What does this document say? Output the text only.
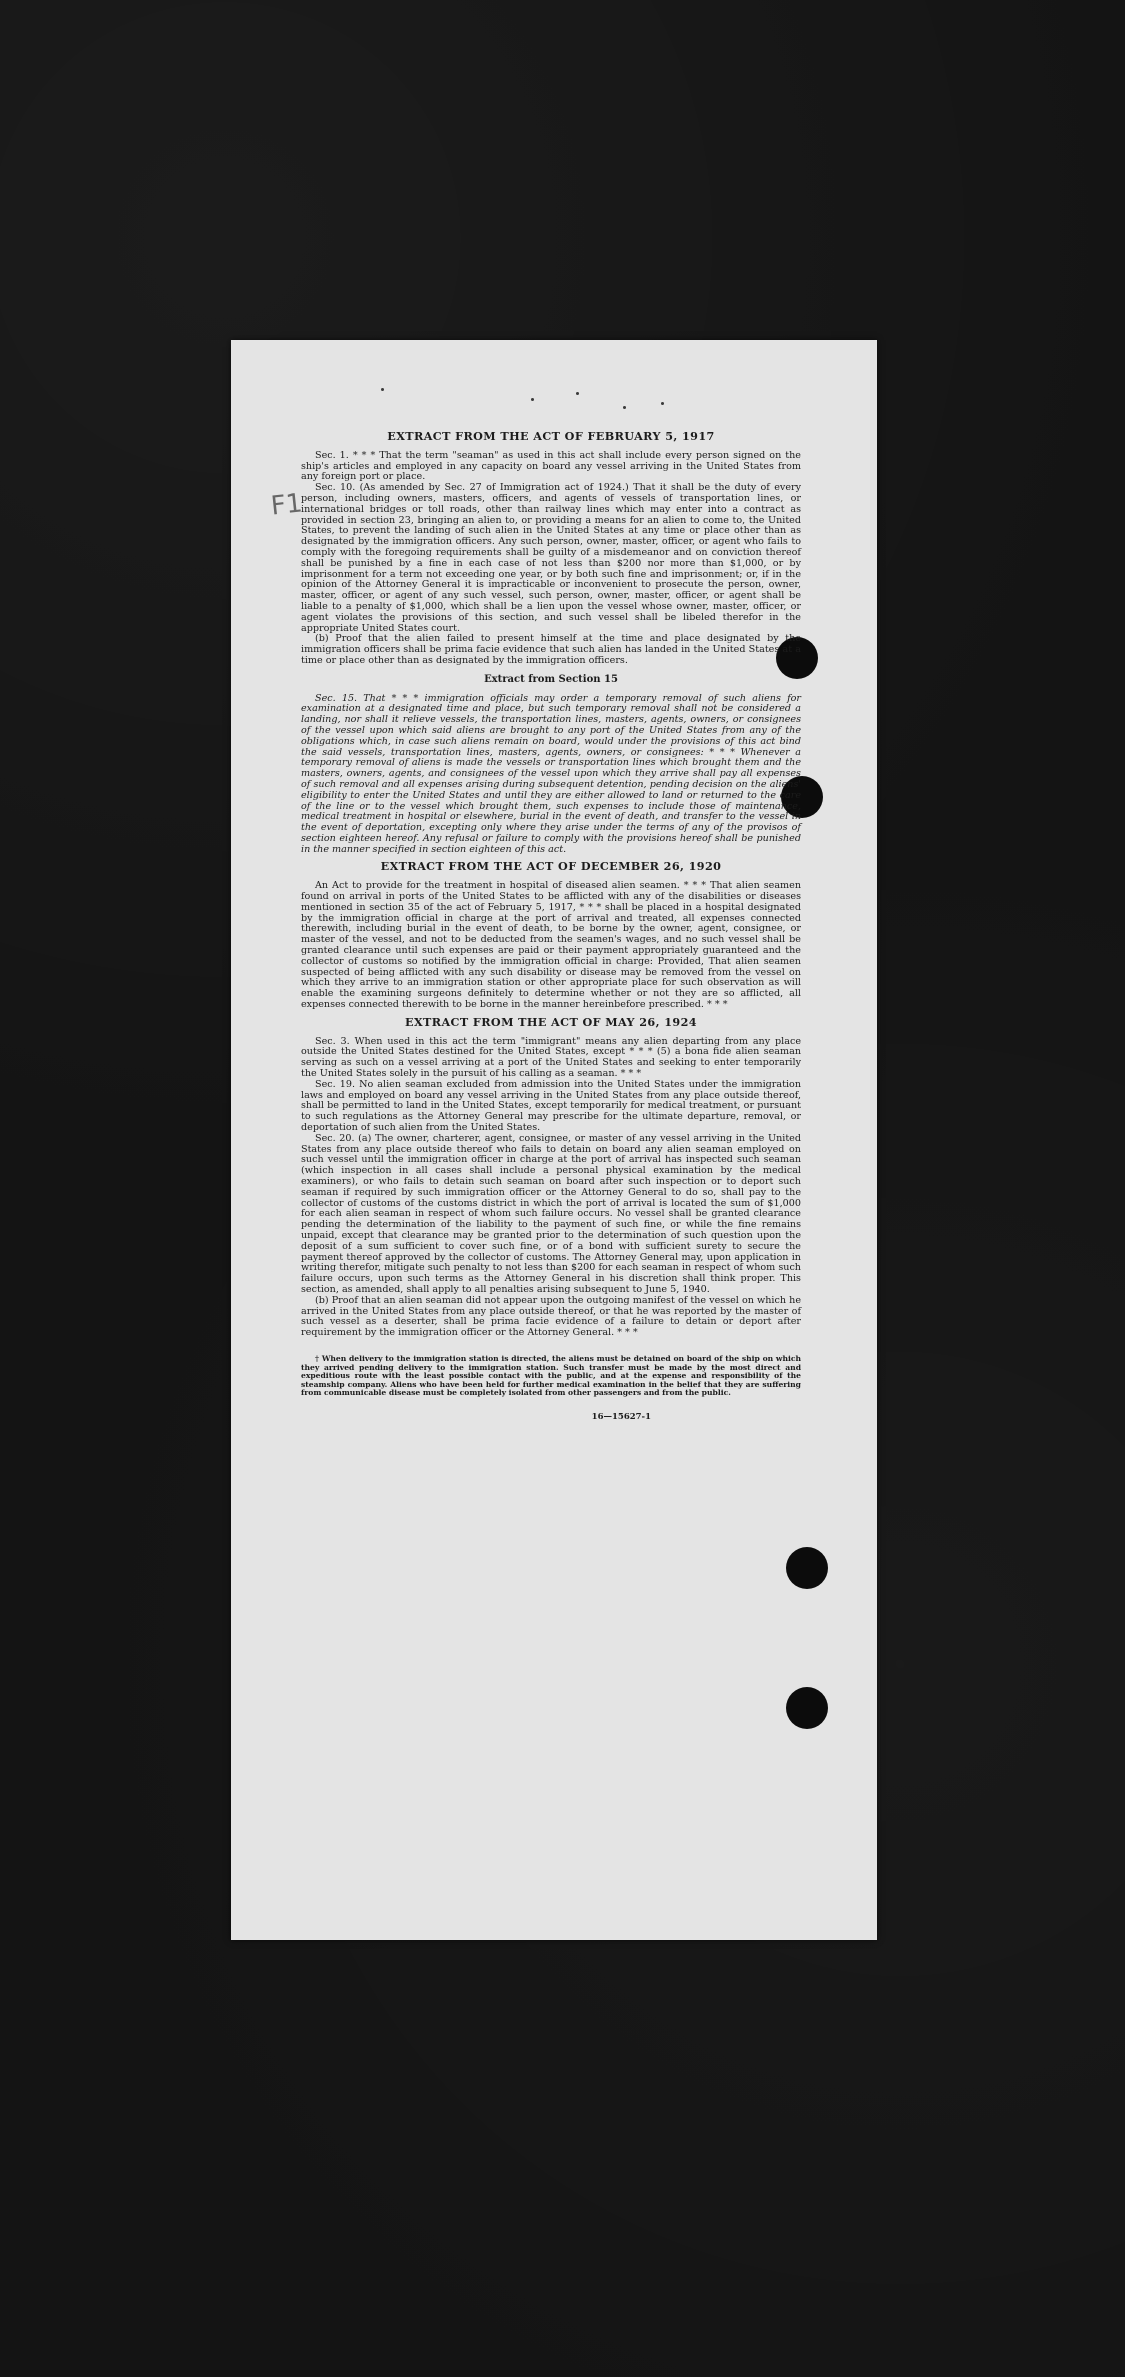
F1
EXTRACT FROM THE ACT OF FEBRUARY 5, 1917

Sec. 1. * * * That the term "seaman" as used in this act shall include every person signed on the ship's articles and employed in any capacity on board any vessel arriving in the United States from any foreign port or place.

Sec. 10. (As amended by Sec. 27 of Immigration act of 1924.) That it shall be the duty of every person, including owners, masters, officers, and agents of vessels of transportation lines, or international bridges or toll roads, other than railway lines which may enter into a contract as provided in section 23, bringing an alien to, or providing a means for an alien to come to, the United States, to prevent the landing of such alien in the United States at any time or place other than as designated by the immigration officers. Any such person, owner, master, officer, or agent who fails to comply with the foregoing requirements shall be guilty of a misdemeanor and on conviction thereof shall be punished by a fine in each case of not less than $200 nor more than $1,000, or by imprisonment for a term not exceeding one year, or by both such fine and imprisonment; or, if in the opinion of the Attorney General it is impracticable or inconvenient to prosecute the person, owner, master, officer, or agent of any such vessel, such person, owner, master, officer, or agent shall be liable to a penalty of $1,000, which shall be a lien upon the vessel whose owner, master, officer, or agent violates the provisions of this section, and such vessel shall be libeled therefor in the appropriate United States court.

(b) Proof that the alien failed to present himself at the time and place designated by the immigration officers shall be prima facie evidence that such alien has landed in the United States at a time or place other than as designated by the immigration officers.

Extract from Section 15

Sec. 15. That * * * immigration officials may order a temporary removal of such aliens for examination at a designated time and place, but such temporary removal shall not be considered a landing, nor shall it relieve vessels, the transportation lines, masters, agents, owners, or consignees of the vessel upon which said aliens are brought to any port of the United States from any of the obligations which, in case such aliens remain on board, would under the provisions of this act bind the said vessels, transportation lines, masters, agents, owners, or consignees: * * * Whenever a temporary removal of aliens is made the vessels or transportation lines which brought them and the masters, owners, agents, and consignees of the vessel upon which they arrive shall pay all expenses of such removal and all expenses arising during subsequent detention, pending decision on the aliens' eligibility to enter the United States and until they are either allowed to land or returned to the care of the line or to the vessel which brought them, such expenses to include those of maintenance, medical treatment in hospital or elsewhere, burial in the event of death, and transfer to the vessel in the event of deportation, excepting only where they arise under the terms of any of the provisos of section eighteen hereof. Any refusal or failure to comply with the provisions hereof shall be punished in the manner specified in section eighteen of this act.

EXTRACT FROM THE ACT OF DECEMBER 26, 1920

An Act to provide for the treatment in hospital of diseased alien seamen. * * * That alien seamen found on arrival in ports of the United States to be afflicted with any of the disabilities or diseases mentioned in section 35 of the act of February 5, 1917, * * * shall be placed in a hospital designated by the immigration official in charge at the port of arrival and treated, all expenses connected therewith, including burial in the event of death, to be borne by the owner, agent, consignee, or master of the vessel, and not to be deducted from the seamen's wages, and no such vessel shall be granted clearance until such expenses are paid or their payment appropriately guaranteed and the collector of customs so notified by the immigration official in charge: Provided, That alien seamen suspected of being afflicted with any such disability or disease may be removed from the vessel on which they arrive to an immigration station or other appropriate place for such observation as will enable the examining surgeons definitely to determine whether or not they are so afflicted, all expenses connected therewith to be borne in the manner hereinbefore prescribed. * * *

EXTRACT FROM THE ACT OF MAY 26, 1924

Sec. 3. When used in this act the term "immigrant" means any alien departing from any place outside the United States destined for the United States, except * * * (5) a bona fide alien seaman serving as such on a vessel arriving at a port of the United States and seeking to enter temporarily the United States solely in the pursuit of his calling as a seaman. * * *

Sec. 19. No alien seaman excluded from admission into the United States under the immigration laws and employed on board any vessel arriving in the United States from any place outside thereof, shall be permitted to land in the United States, except temporarily for medical treatment, or pursuant to such regulations as the Attorney General may prescribe for the ultimate departure, removal, or deportation of such alien from the United States.

Sec. 20. (a) The owner, charterer, agent, consignee, or master of any vessel arriving in the United States from any place outside thereof who fails to detain on board any alien seaman employed on such vessel until the immigration officer in charge at the port of arrival has inspected such seaman (which inspection in all cases shall include a personal physical examination by the medical examiners), or who fails to detain such seaman on board after such inspection or to deport such seaman if required by such immigration officer or the Attorney General to do so, shall pay to the collector of customs of the customs district in which the port of arrival is located the sum of $1,000 for each alien seaman in respect of whom such failure occurs. No vessel shall be granted clearance pending the determination of the liability to the payment of such fine, or while the fine remains unpaid, except that clearance may be granted prior to the determination of such question upon the deposit of a sum sufficient to cover such fine, or of a bond with sufficient surety to secure the payment thereof approved by the collector of customs. The Attorney General may, upon application in writing therefor, mitigate such penalty to not less than $200 for each seaman in respect of whom such failure occurs, upon such terms as the Attorney General in his discretion shall think proper. This section, as amended, shall apply to all penalties arising subsequent to June 5, 1940.

(b) Proof that an alien seaman did not appear upon the outgoing manifest of the vessel on which he arrived in the United States from any place outside thereof, or that he was reported by the master of such vessel as a deserter, shall be prima facie evidence of a failure to detain or deport after requirement by the immigration officer or the Attorney General. * * *

† When delivery to the immigration station is directed, the aliens must be detained on board of the ship on which they arrived pending delivery to the immigration station. Such transfer must be made by the most direct and expeditious route with the least possible contact with the public, and at the expense and responsibility of the steamship company. Aliens who have been held for further medical examination in the belief that they are suffering from communicable disease must be completely isolated from other passengers and from the public.

16—15627-1
